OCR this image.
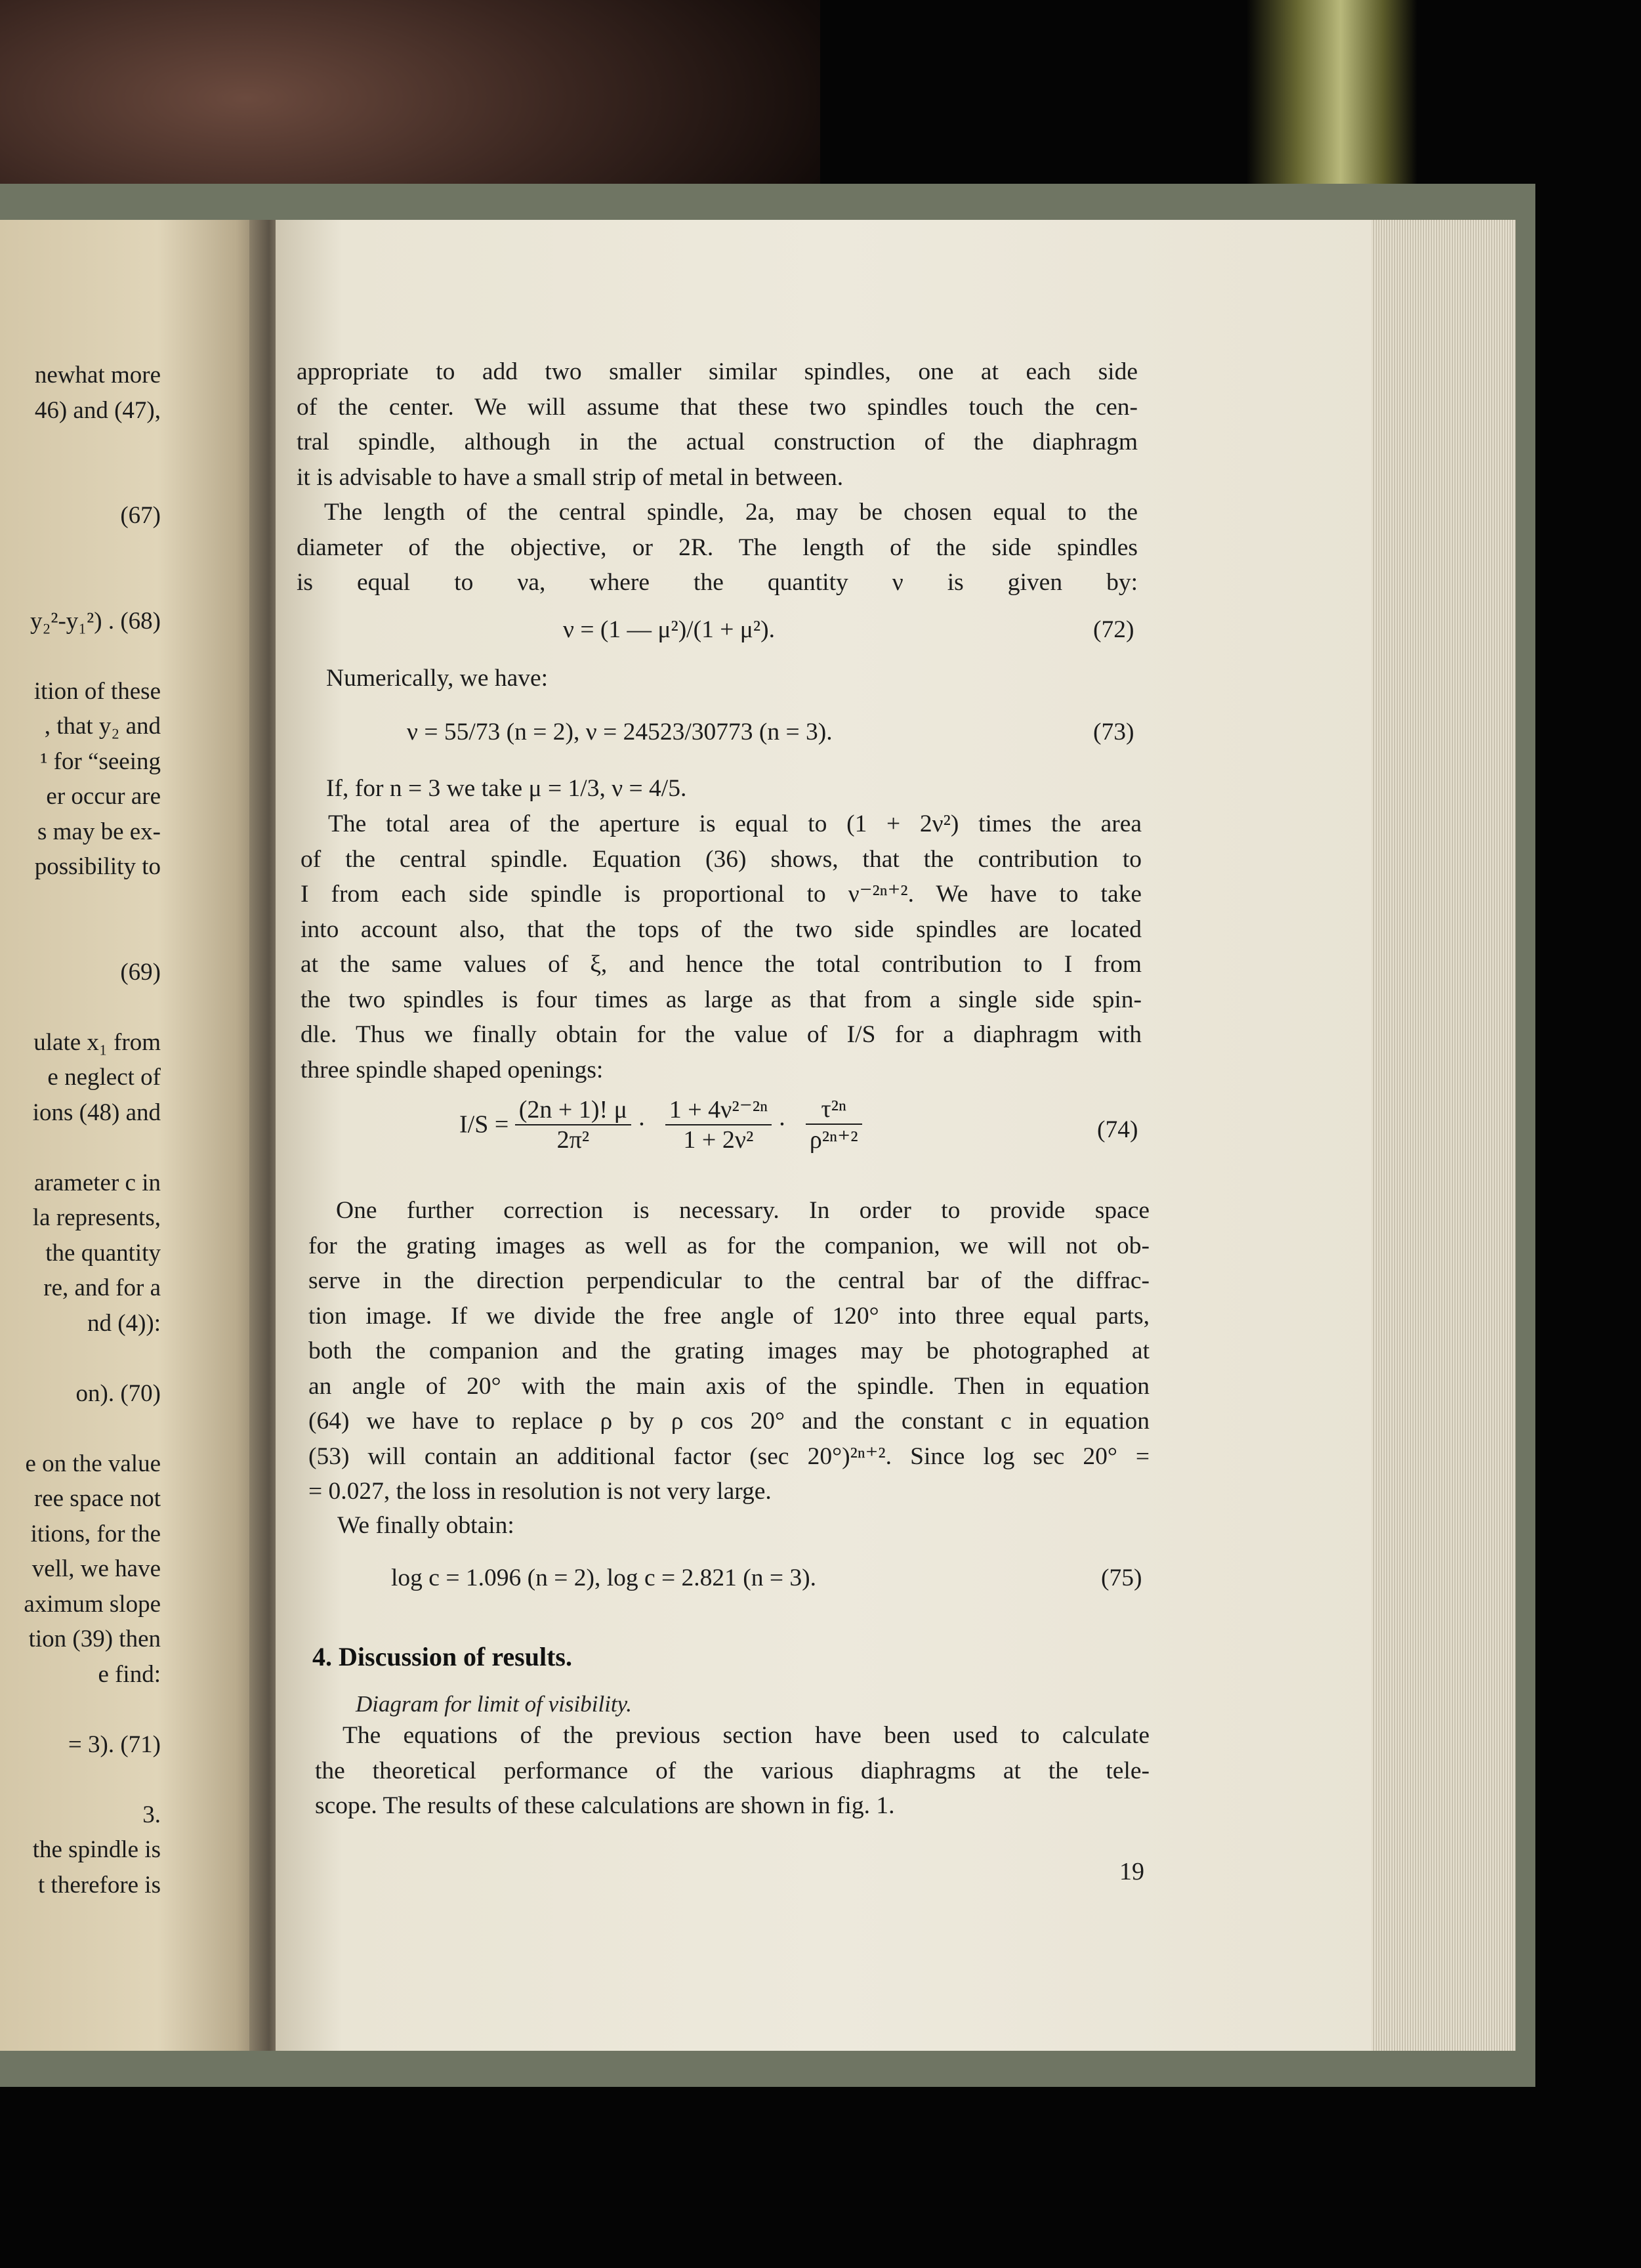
newhat more
46) and (47),
(67)
y₂²-y₁²) . (68)
ition of these
, that y₂ and
¹ for “seeing
er occur are
s may be ex-
possibility to
(69)
ulate x₁ from
e neglect of
ions (48) and
arameter c in
la represents,
the quantity
re, and for a
nd (4)):
on). (70)
e on the value
ree space not
itions, for the
vell, we have
aximum slope
tion (39) then
e find:
= 3). (71)
3.
the spindle is
t therefore is
appropriate to add two smaller similar spindles, one at each side
of the center. We will assume that these two spindles touch the cen-
tral spindle, although in the actual construction of the diaphragm
it is advisable to have a small strip of metal in between.
The length of the central spindle, 2a, may be chosen equal to the
diameter of the objective, or 2R. The length of the side spindles
is equal to νa, where the quantity ν is given by:
ν = (1 — μ²)/(1 + μ²).	(72)
Numerically, we have:
ν = 55/73 (n = 2), ν = 24523/30773 (n = 3).	(73)
If, for n = 3 we take μ = 1/3, ν = 4/5.
The total area of the aperture is equal to (1 + 2ν²) times the area
of the central spindle. Equation (36) shows, that the contribution to
I from each side spindle is proportional to ν⁻²ⁿ⁺². We have to take
into account also, that the tops of the two side spindles are located
at the same values of ξ, and hence the total contribution to I from
the two spindles is four times as large as that from a single side spin-
dle. Thus we finally obtain for the value of I/S for a diaphragm with
three spindle shaped openings:
$I/S = \frac{(2n + 1)! \mu}{\text{2π²}} \cdot \frac{\text{1 + 4ν²⁻²ⁿ}}{\text{1 + 2ν²}} \cdot \frac{\text{τ²ⁿ}}{\text{ρ²ⁿ⁺²}}$	(74)
One further correction is necessary. In order to provide space
for the grating images as well as for the companion, we will not ob-
serve in the direction perpendicular to the central bar of the diffrac-
tion image. If we divide the free angle of 120° into three equal parts,
both the companion and the grating images may be photographed at
an angle of 20° with the main axis of the spindle. Then in equation
(64) we have to replace ρ by ρ cos 20° and the constant c in equation
(53) will contain an additional factor (sec 20°)²ⁿ⁺². Since log sec 20° =
= 0.027, the loss in resolution is not very large.
We finally obtain:
log c = 1.096 (n = 2), log c = 2.821 (n = 3).	(75)
4. Discussion of results.
Diagram for limit of visibility.
The equations of the previous section have been used to calculate
the theoretical performance of the various diaphragms at the tele-
scope. The results of these calculations are shown in fig. 1.
19
